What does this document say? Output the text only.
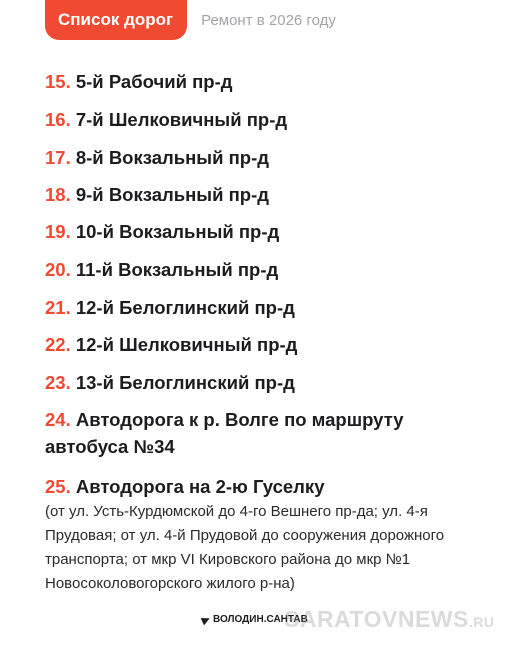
Список дорог	Ремонт в 2026 году
15. 5-й Рабочий пр-д
16. 7-й Шелковичный пр-д
17. 8-й Вокзальный пр-д
18. 9-й Вокзальный пр-д
19. 10-й Вокзальный пр-д
20. 11-й Вокзальный пр-д
21. 12-й Белоглинский пр-д
22. 12-й Шелковичный пр-д
23. 13-й Белоглинский пр-д
24. Автодорога к р. Волге по маршруту автобуса №34
25. Автодорога на 2-ю Гуселку
(от ул. Усть-Курдюмской до 4-го Вешнего пр-да; ул. 4-я Прудовая; от ул. 4-й Прудовой до сооружения дорожного транспорта; от мкр VI Кировского района до мкр №1 Новосоколовогорского жилого р-на)
ВОЛОДИН.САНТАВ
SARATOVNEWS.RU
